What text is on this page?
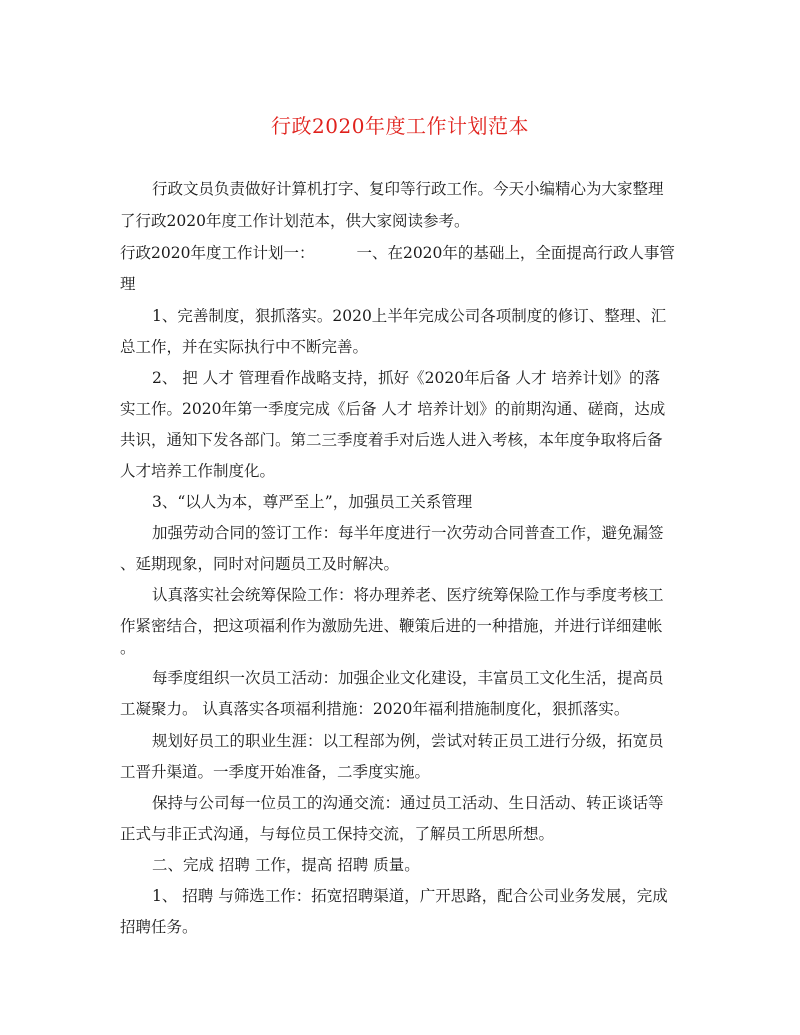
行政2020年度工作计划范本
行政文员负责做好计算机打字、复印等行政工作。今天小编精心为大家整理
了行政2020年度工作计划范本，供大家阅读参考。
行政2020年度工作计划一：	一、在2020年的基础上，全面提高行政人事管
理
1、完善制度，狠抓落实。2020上半年完成公司各项制度的修订、整理、汇
总工作，并在实际执行中不断完善。
2、 把 人才 管理看作战略支持，抓好《2020年后备 人才 培养计划》的落
实工作。2020年第一季度完成《后备 人才 培养计划》的前期沟通、磋商，达成
共识，通知下发各部门。第二三季度着手对后选人进入考核，本年度争取将后备
人才培养工作制度化。
3、“以人为本，尊严至上”，加强员工关系管理
加强劳动合同的签订工作：每半年度进行一次劳动合同普查工作，避免漏签
、延期现象，同时对问题员工及时解决。
认真落实社会统筹保险工作：将办理养老、医疗统筹保险工作与季度考核工
作紧密结合，把这项福利作为激励先进、鞭策后进的一种措施，并进行详细建帐
。
每季度组织一次员工活动：加强企业文化建设，丰富员工文化生活，提高员
工凝聚力。 认真落实各项福利措施：2020年福利措施制度化，狠抓落实。
规划好员工的职业生涯：以工程部为例，尝试对转正员工进行分级，拓宽员
工晋升渠道。一季度开始准备，二季度实施。
保持与公司每一位员工的沟通交流：通过员工活动、生日活动、转正谈话等
正式与非正式沟通，与每位员工保持交流，了解员工所思所想。
二、完成 招聘 工作，提高 招聘 质量。
1、 招聘 与筛选工作：拓宽招聘渠道，广开思路，配合公司业务发展，完成
招聘任务。
